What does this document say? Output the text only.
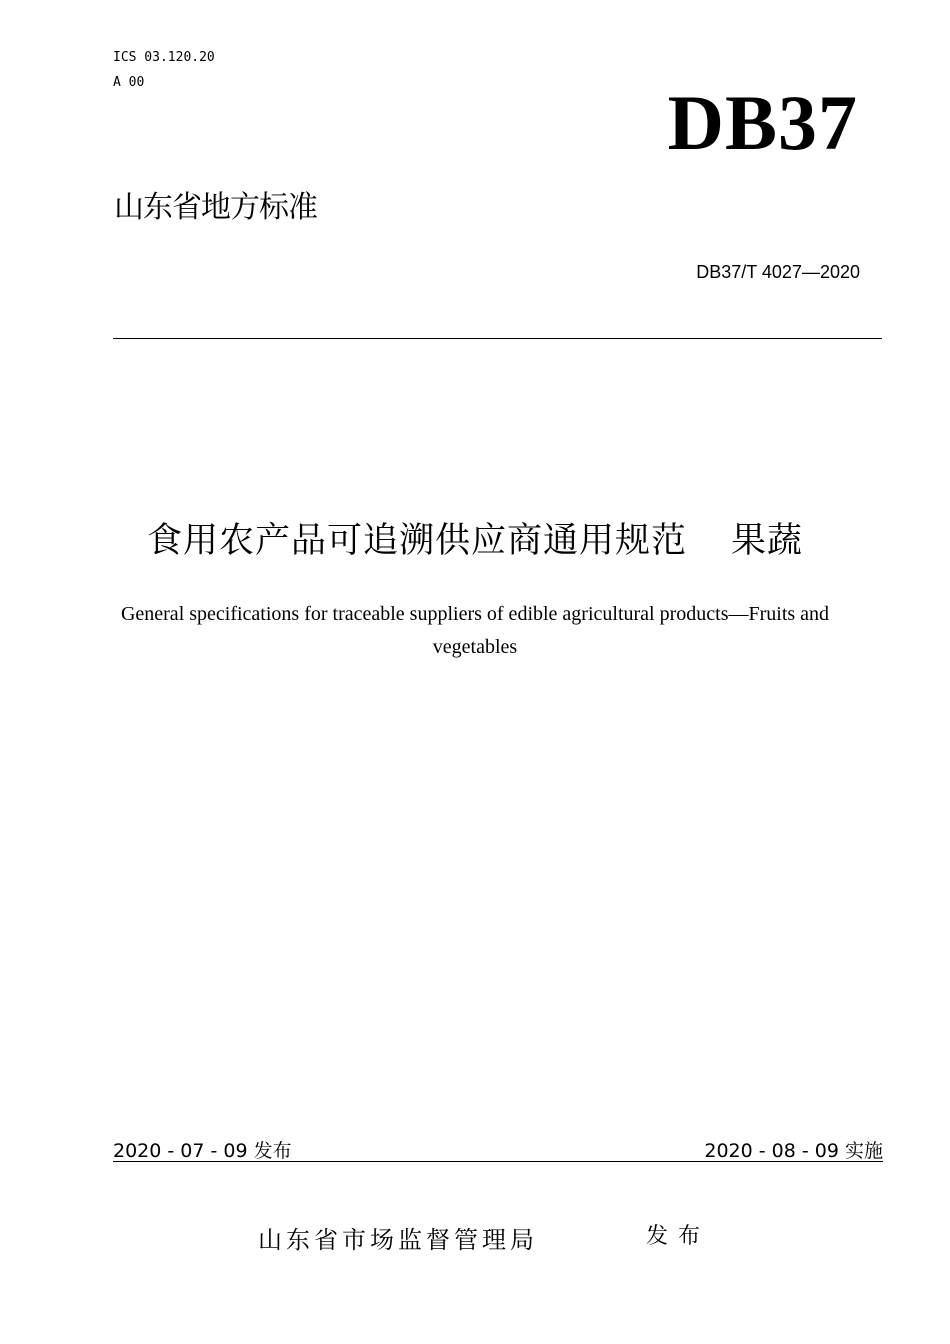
ICS 03.120.20
A 00	DB37
山东省地方标准
DB37/T 4027—2020
食用农产品可追溯供应商通用规范 果蔬
General specifications for traceable suppliers of edible agricultural products—Fruits and vegetables
2020 - 07 - 09 发布	2020 - 08 - 09 实施
山东省市场监督管理局	发布
